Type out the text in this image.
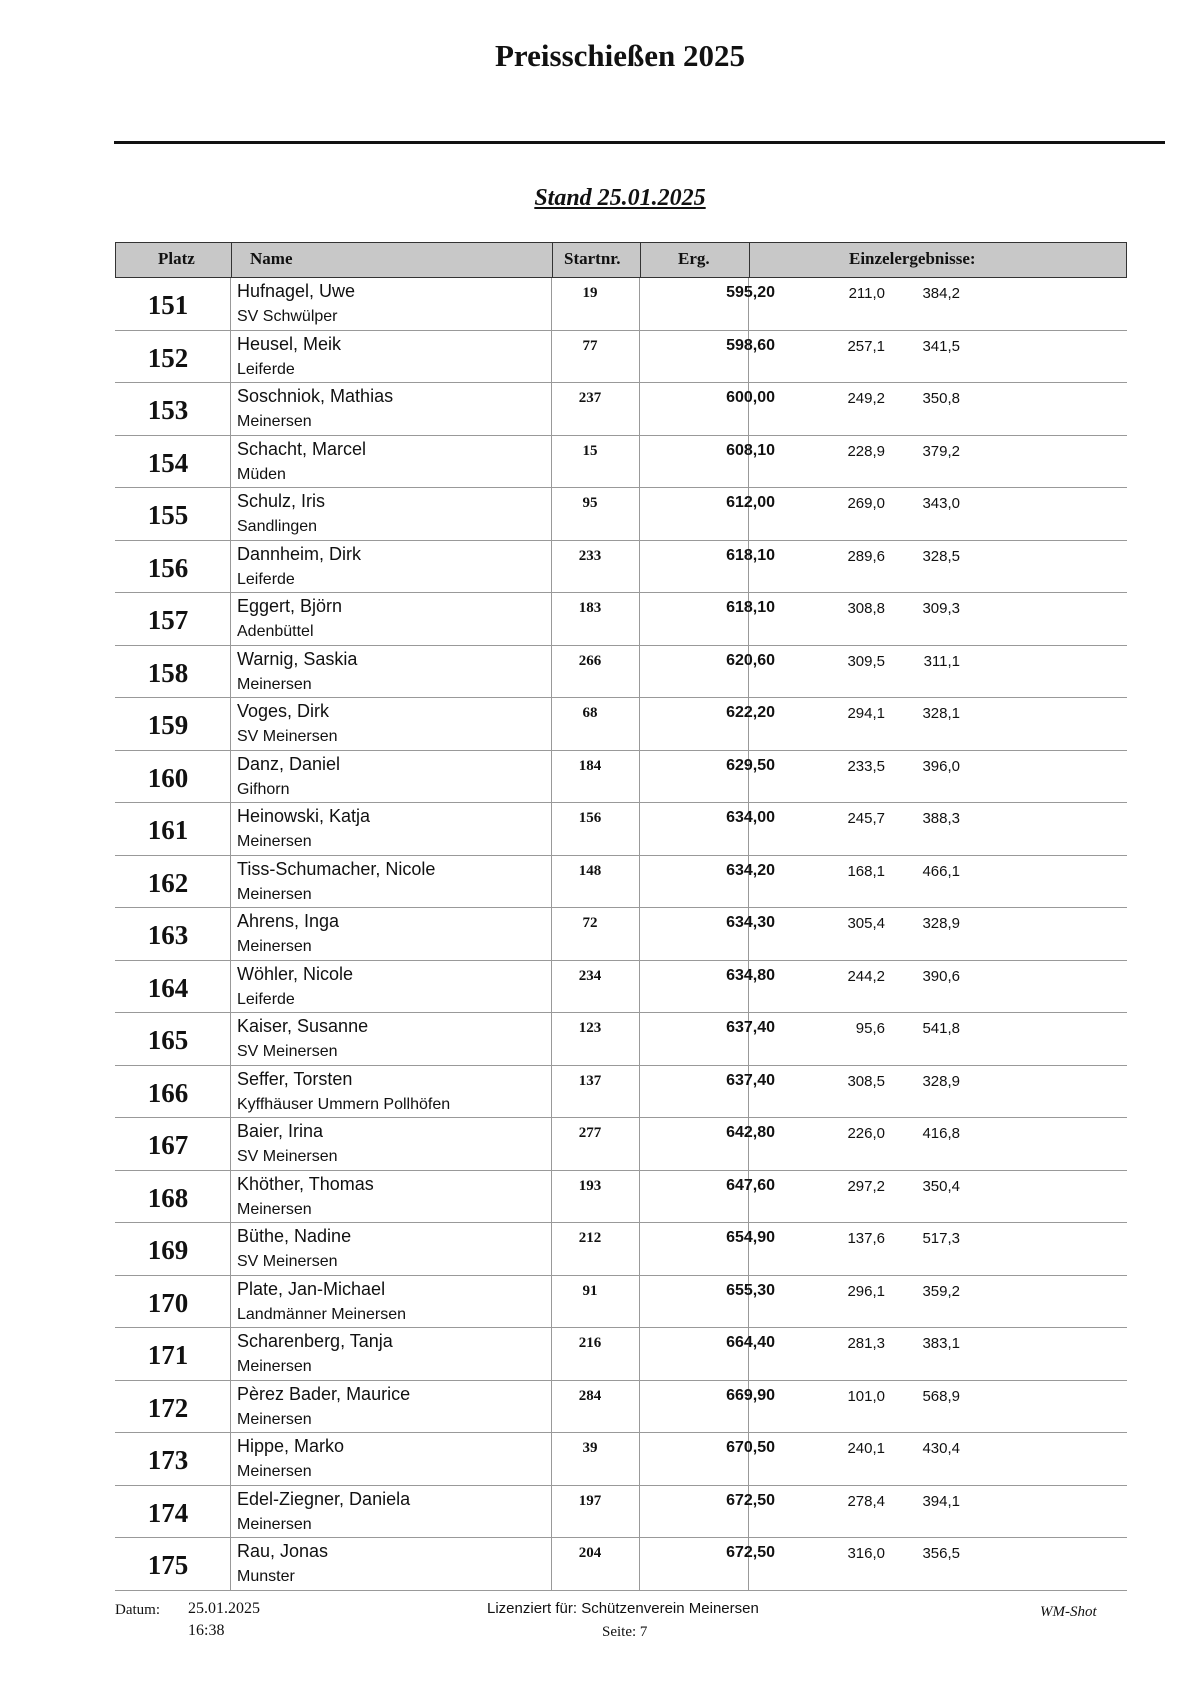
Preisschießen 2025
Stand 25.01.2025
Platz	Name	Startnr.	Erg.	Einzelergebnisse:
151	Hufnagel, Uwe
SV Schwülper
19	595,20	211,0	384,2
152	Heusel, Meik
Leiferde
77	598,60	257,1	341,5
153	Soschniok, Mathias
Meinersen
237	600,00	249,2	350,8
154	Schacht, Marcel
Müden
15	608,10	228,9	379,2
155	Schulz, Iris
Sandlingen
95	612,00	269,0	343,0
156	Dannheim, Dirk
Leiferde
233	618,10	289,6	328,5
157	Eggert, Björn
Adenbüttel
183	618,10	308,8	309,3
158	Warnig, Saskia
Meinersen
266	620,60	309,5	311,1
159	Voges, Dirk
SV Meinersen
68	622,20	294,1	328,1
160	Danz, Daniel
Gifhorn
184	629,50	233,5	396,0
161	Heinowski, Katja
Meinersen
156	634,00	245,7	388,3
162	Tiss-Schumacher, Nicole
Meinersen
148	634,20	168,1	466,1
163	Ahrens, Inga
Meinersen
72	634,30	305,4	328,9
164	Wöhler, Nicole
Leiferde
234	634,80	244,2	390,6
165	Kaiser, Susanne
SV Meinersen
123	637,40	95,6	541,8
166	Seffer, Torsten
Kyffhäuser Ummern Pollhöfen
137	637,40	308,5	328,9
167	Baier, Irina
SV Meinersen
277	642,80	226,0	416,8
168	Khöther, Thomas
Meinersen
193	647,60	297,2	350,4
169	Büthe, Nadine
SV Meinersen
212	654,90	137,6	517,3
170	Plate, Jan-Michael
Landmänner Meinersen
91	655,30	296,1	359,2
171	Scharenberg, Tanja
Meinersen
216	664,40	281,3	383,1
172	Pèrez Bader, Maurice
Meinersen
284	669,90	101,0	568,9
173	Hippe, Marko
Meinersen
39	670,50	240,1	430,4
174	Edel-Ziegner, Daniela
Meinersen
197	672,50	278,4	394,1
175	Rau, Jonas
Munster
204	672,50	316,0	356,5
Datum: 25.01.2025
16:38
Lizenziert für: Schützenverein Meinersen
Seite: 7
WM-Shot
